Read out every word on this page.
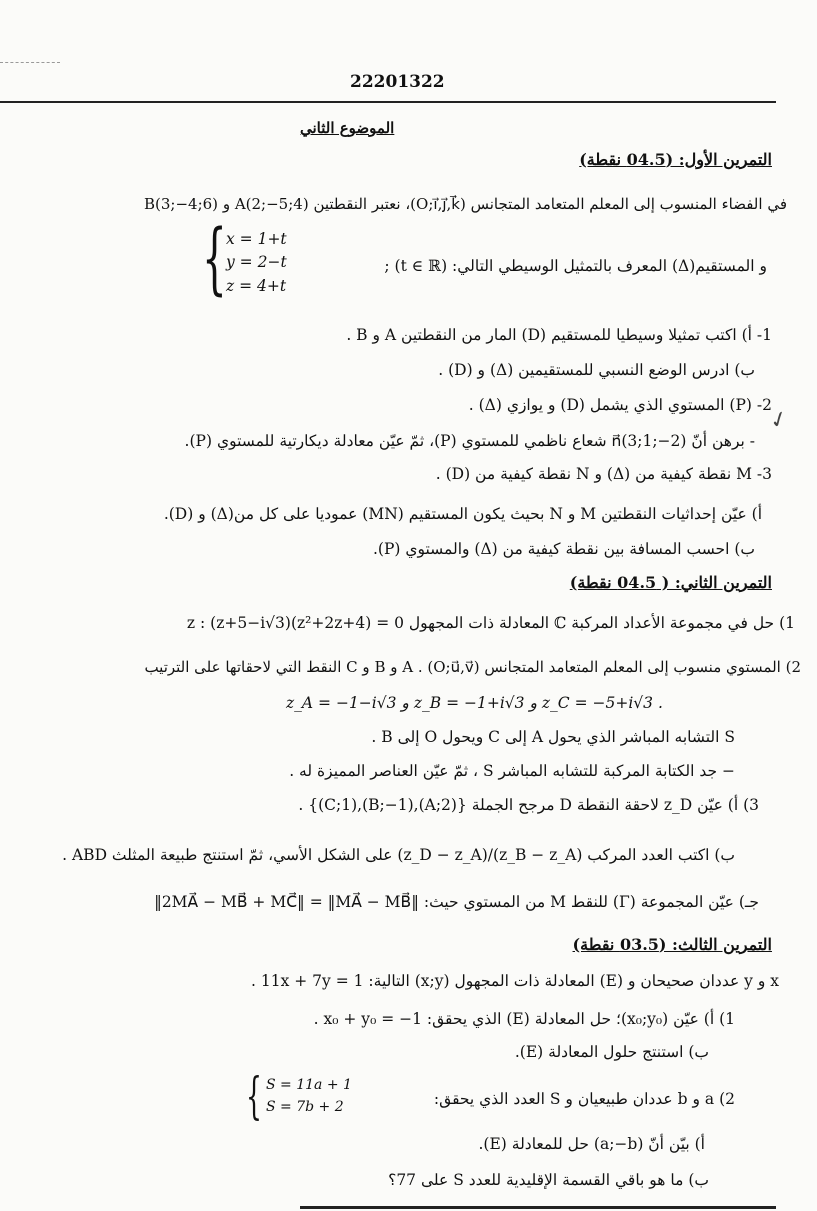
22201322
الموضوع الثاني
التمرين الأول: (04.5 نقطة)
في الفضاء المنسوب إلى المعلم المتعامد المتجانس (O;i⃗,j⃗,k⃗)، نعتبر النقطتين A(2;−5;4) و B(3;−4;6)
و المستقيم(Δ) المعرف بالتمثيل الوسيطي التالي: (t ∈ ℝ) ;
{ x = 1+t
y = 2−t
z = 4+t
1- أ) اكتب تمثيلا وسيطيا للمستقيم (D) المار من النقطتين A و B .
ب) ادرس الوضع النسبي للمستقيمين (Δ) و (D) .
2- (P) المستوي الذي يشمل (D) و يوازي (Δ) .
✓
- برهن أنّ n⃗(3;1;−2) شعاع ناظمي للمستوي (P)، ثمّ عيّن معادلة ديكارتية للمستوي (P).
3- M نقطة كيفية من (Δ) و N نقطة كيفية من (D) .
أ) عيّن إحداثيات النقطتين M و N بحيث يكون المستقيم (MN) عموديا على كل من(Δ) و (D).
ب) احسب المسافة بين نقطة كيفية من (Δ) والمستوي (P).
التمرين الثاني: ( 04.5 نقطة)
1) حل في مجموعة الأعداد المركبة ℂ المعادلة ذات المجهول z : (z+5−i√3)(z²+2z+4) = 0
2) المستوي منسوب إلى المعلم المتعامد المتجانس (O;u⃗,v⃗) . A و B و C النقط التي لاحقاتها على الترتيب
z_A = −1−i√3 و z_B = −1+i√3 و z_C = −5+i√3 .
S التشابه المباشر الذي يحول A إلى C ويحول O إلى B .
− جد الكتابة المركبة للتشابه المباشر S ، ثمّ عيّن العناصر المميزة له .
3) أ) عيّن z_D لاحقة النقطة D مرجح الجملة {(A;2),(B;−1),(C;1)} .
ب) اكتب العدد المركب (z_B − z_A)/(z_D − z_A) على الشكل الأسي، ثمّ استنتج طبيعة المثلث ABD .
جـ) عيّن المجموعة (Γ) للنقط M من المستوي حيث: ‖2MA⃗ − MB⃗ + MC⃗‖ = ‖MA⃗ − MB⃗‖
التمرين الثالث: (03.5 نقطة)
x و y عددان صحيحان و (E) المعادلة ذات المجهول (x;y) التالية: 11x + 7y = 1 .
1) أ) عيّن (x₀;y₀)؛ حل المعادلة (E) الذي يحقق: x₀ + y₀ = −1 .
ب) استنتج حلول المعادلة (E).
2) a و b عددان طبيعيان و S العدد الذي يحقق:
{ S = 11a + 1
S = 7b + 2
أ) بيّن أنّ (a;−b) حل للمعادلة (E).
ب) ما هو باقي القسمة الإقليدية للعدد S على 77؟
